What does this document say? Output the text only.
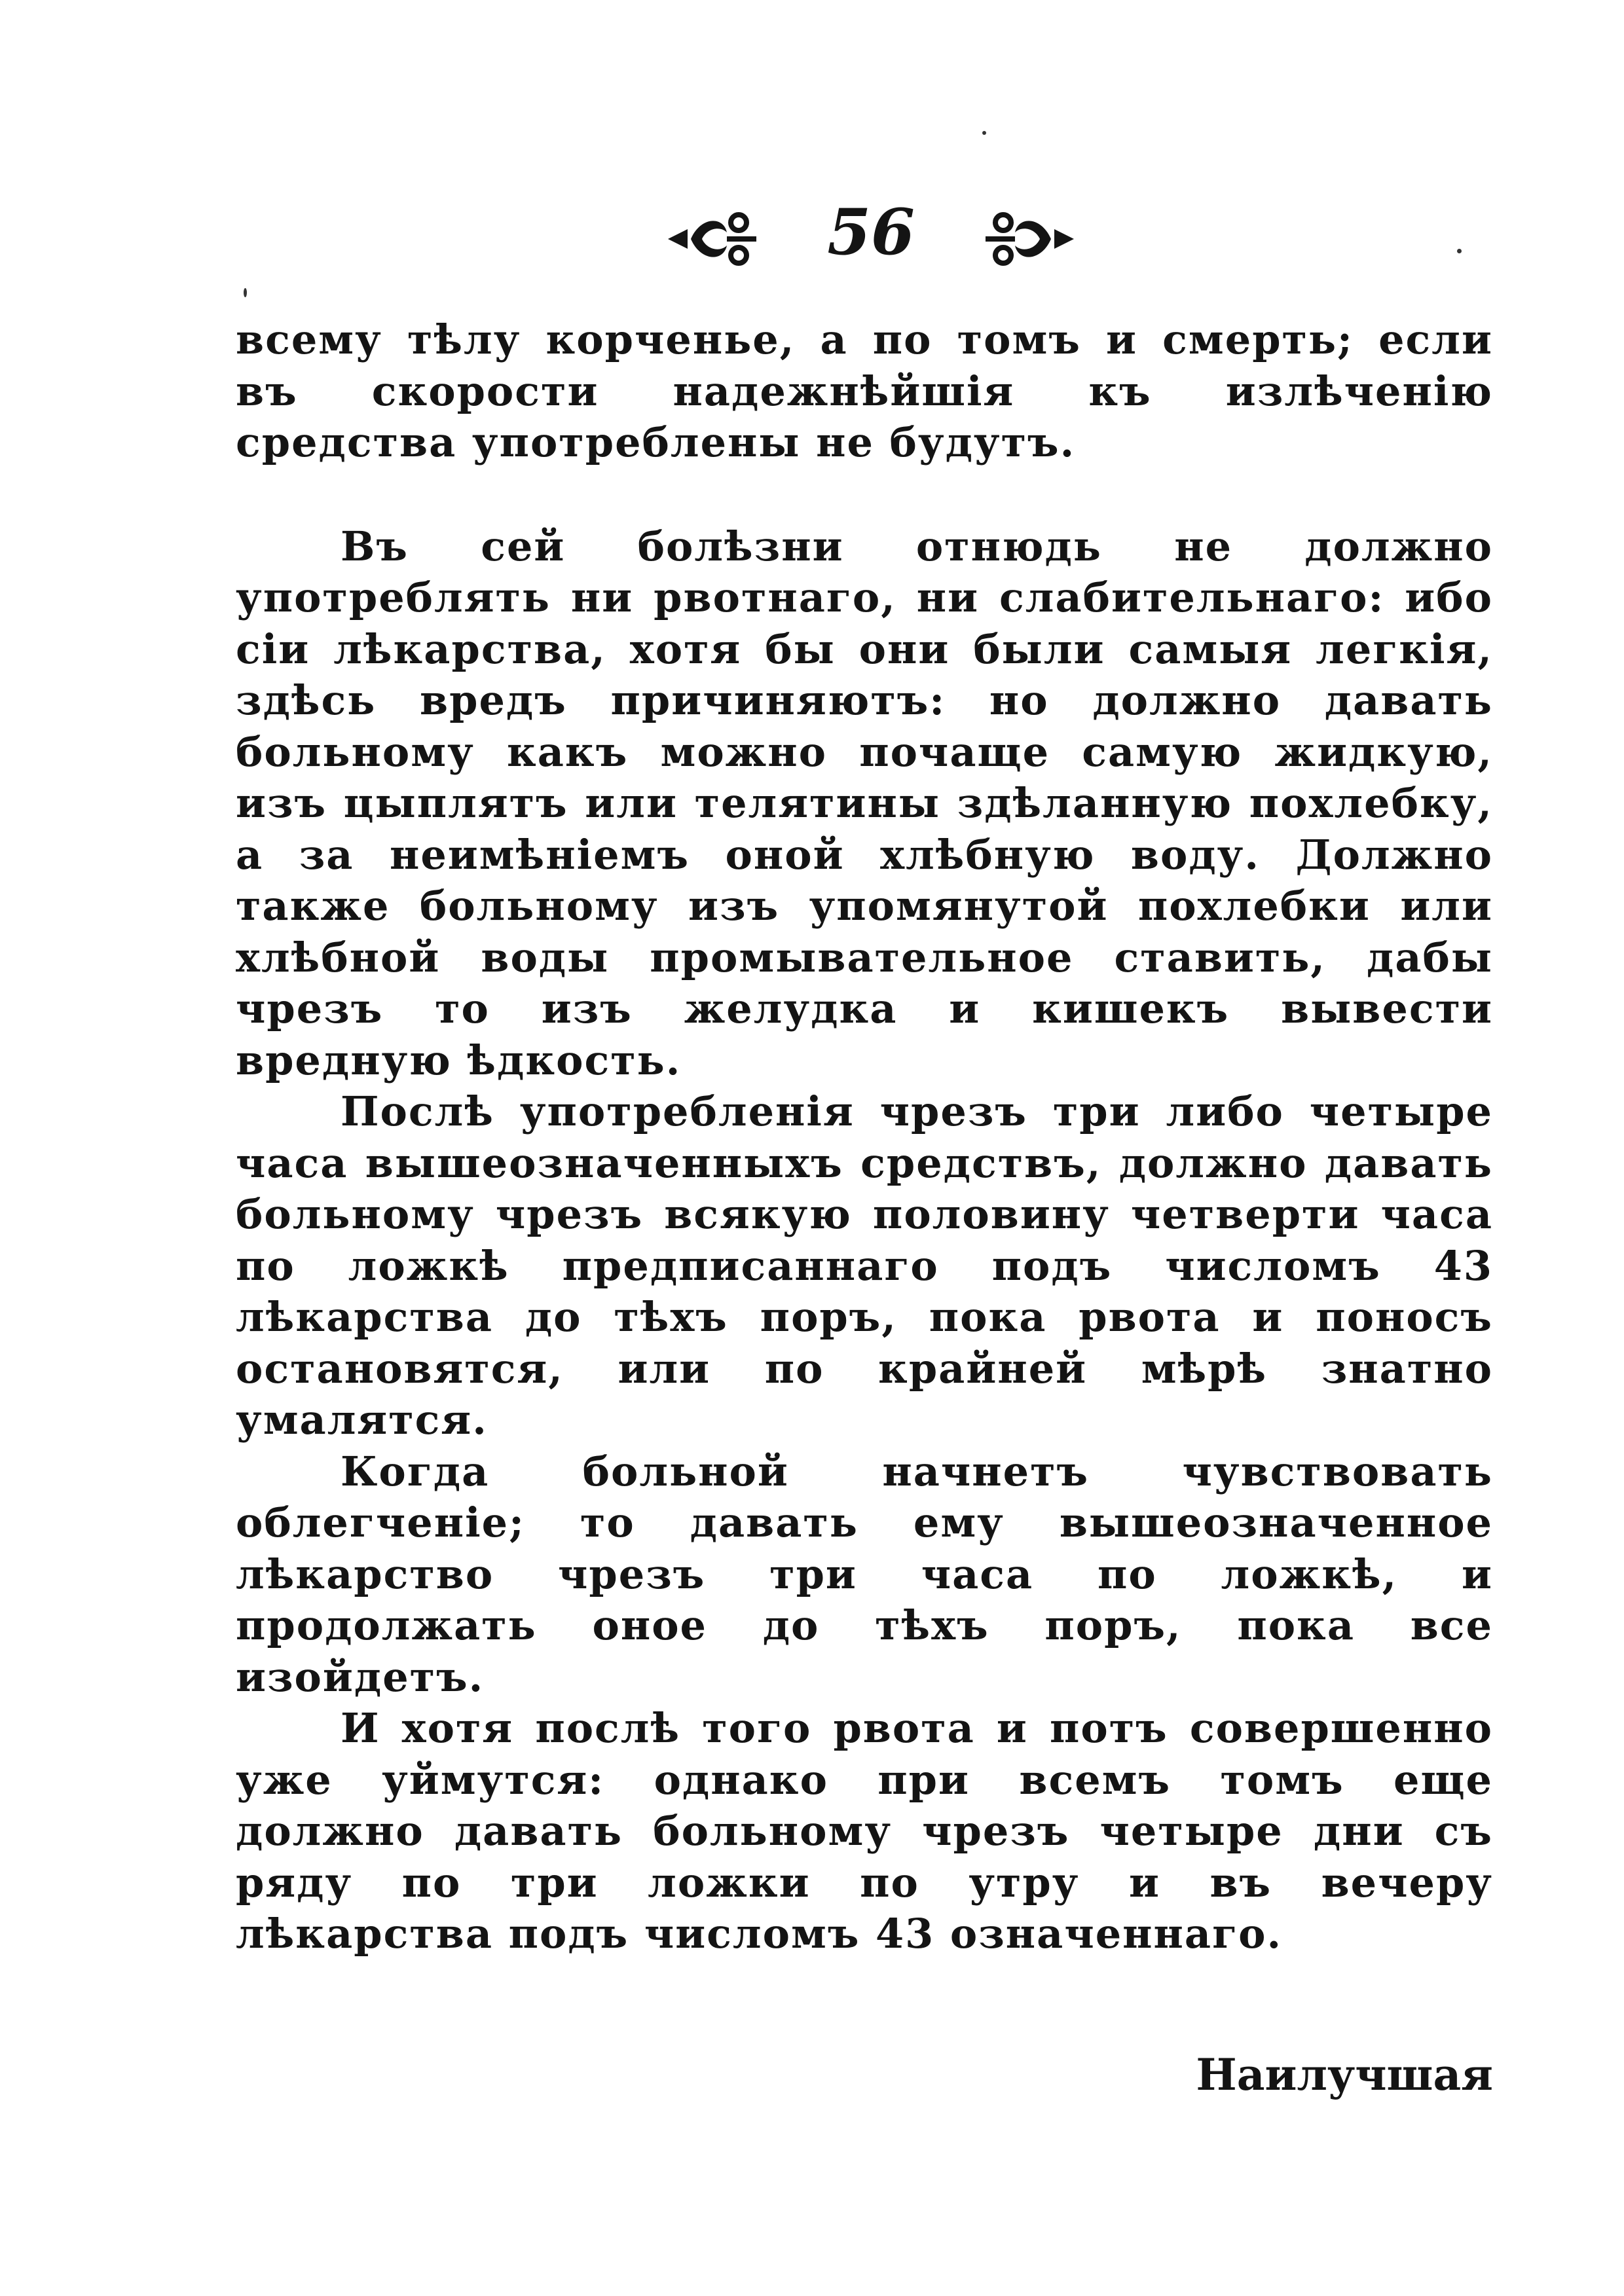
56

всему тѣлу корченье, а по томъ и смерть; если въ скорости надежнѣйшія къ излѣченію средства употреблены не будутъ.

Въ сей болѣзни отнюдь не должно употреблять ни рвотнаго, ни слабительнаго: ибо сіи лѣкарства, хотя бы они были самыя легкія, здѣсь вредъ причиняютъ: но должно давать больному какъ можно почаще самую жидкую, изъ цыплятъ или телятины здѣланную похлебку, а за неимѣніемъ оной хлѣбную воду. Должно также больному изъ упомянутой похлебки или хлѣбной воды промывательное ставить, дабы чрезъ то изъ желудка и кишекъ вывести вредную ѣдкость.

Послѣ употребленія чрезъ три либо четыре часа вышеозначенныхъ средствъ, должно давать больному чрезъ всякую половину четверти часа по ложкѣ предписаннаго подъ числомъ 43 лѣкарства до тѣхъ поръ, пока рвота и поносъ остановятся, или по крайней мѣрѣ знатно умалятся.

Когда больной начнетъ чувствовать облегченіе; то давать ему вышеозначенное лѣкарство чрезъ три часа по ложкѣ, и продолжать оное до тѣхъ поръ, пока все изойдетъ.

И хотя послѣ того рвота и потъ совершенно уже уймутся: однако при всемъ томъ еще должно давать больному чрезъ четыре дни съ ряду по три ложки по утру и въ вечеру лѣкарства подъ числомъ 43 означеннаго.

Наилучшая
